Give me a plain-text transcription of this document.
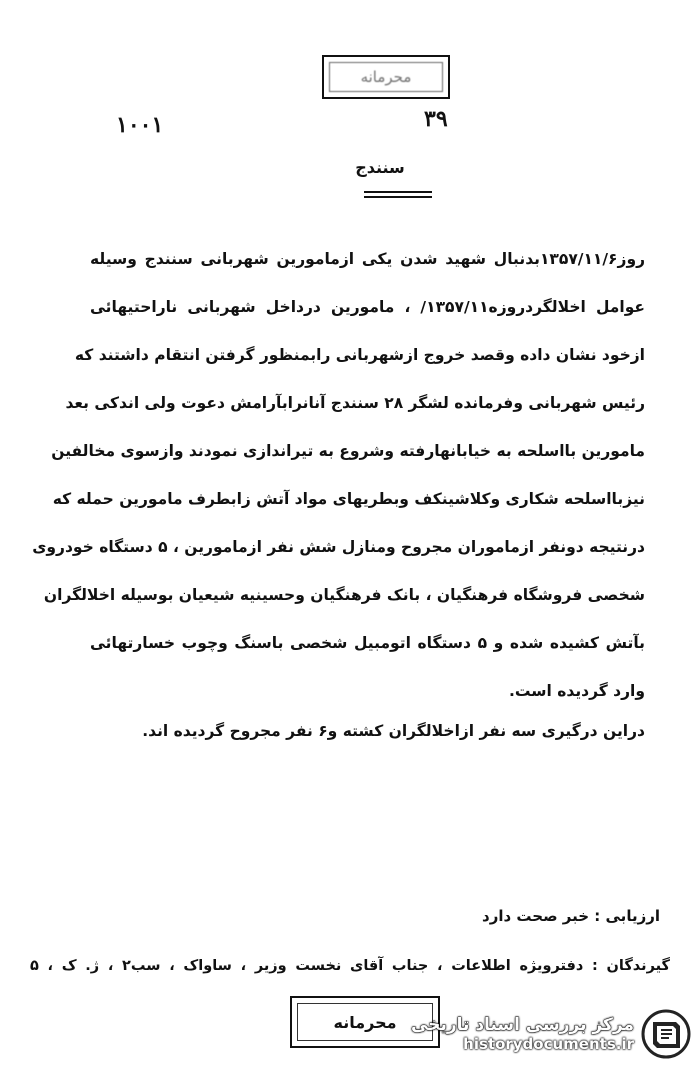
محرمانه
۱۰۰۱	۳۹
سنندج
روز۱۳۵۷/۱۱/۶بدنبال شهید شدن یکی ازمامورین شهربانی سنندج وسیله
عوامل اخلالگردروزه۱۳۵۷/۱۱/ ، مامورین درداخل شهربانی ناراحتیهائی
ازخود نشان داده وقصد خروج ازشهربانی رابمنظور گرفتن انتقام داشتند که
رئیس شهربانی وفرمانده لشگر ۲۸ سنندج آنانرابآرامش دعوت ولی اندکی بعد
مامورین بااسلحه به خیابانهارفته وشروع به تیراندازی نمودند وازسوی مخالفین
نیزبااسلحه شکاری وکلاشینکف وبطریهای مواد آتش زابطرف مامورین حمله که
درنتیجه دونفر ازماموران مجروح ومنازل شش نفر ازمامورین ، ۵ دستگاه خودروی
شخصی فروشگاه فرهنگیان ، بانک فرهنگیان وحسینیه شیعیان بوسیله اخلالگران
بآتش کشیده شده و ۵ دستگاه اتومبیل شخصی باسنگ وچوب خسارتهائی
وارد گردیده است.
دراین درگیری سه نفر ازاخلالگران کشته و۶ نفر مجروح گردیده اند.
ارزیابی : خبر صحت دارد
گیرندگان : دفترویژه اطلاعات ، جناب آقای نخست وزیر ، ساواک ، سب۲ ، ژ. ک ، ۵
محرمانه مرکز بررسی اسناد تاریخی
historydocuments.ir
